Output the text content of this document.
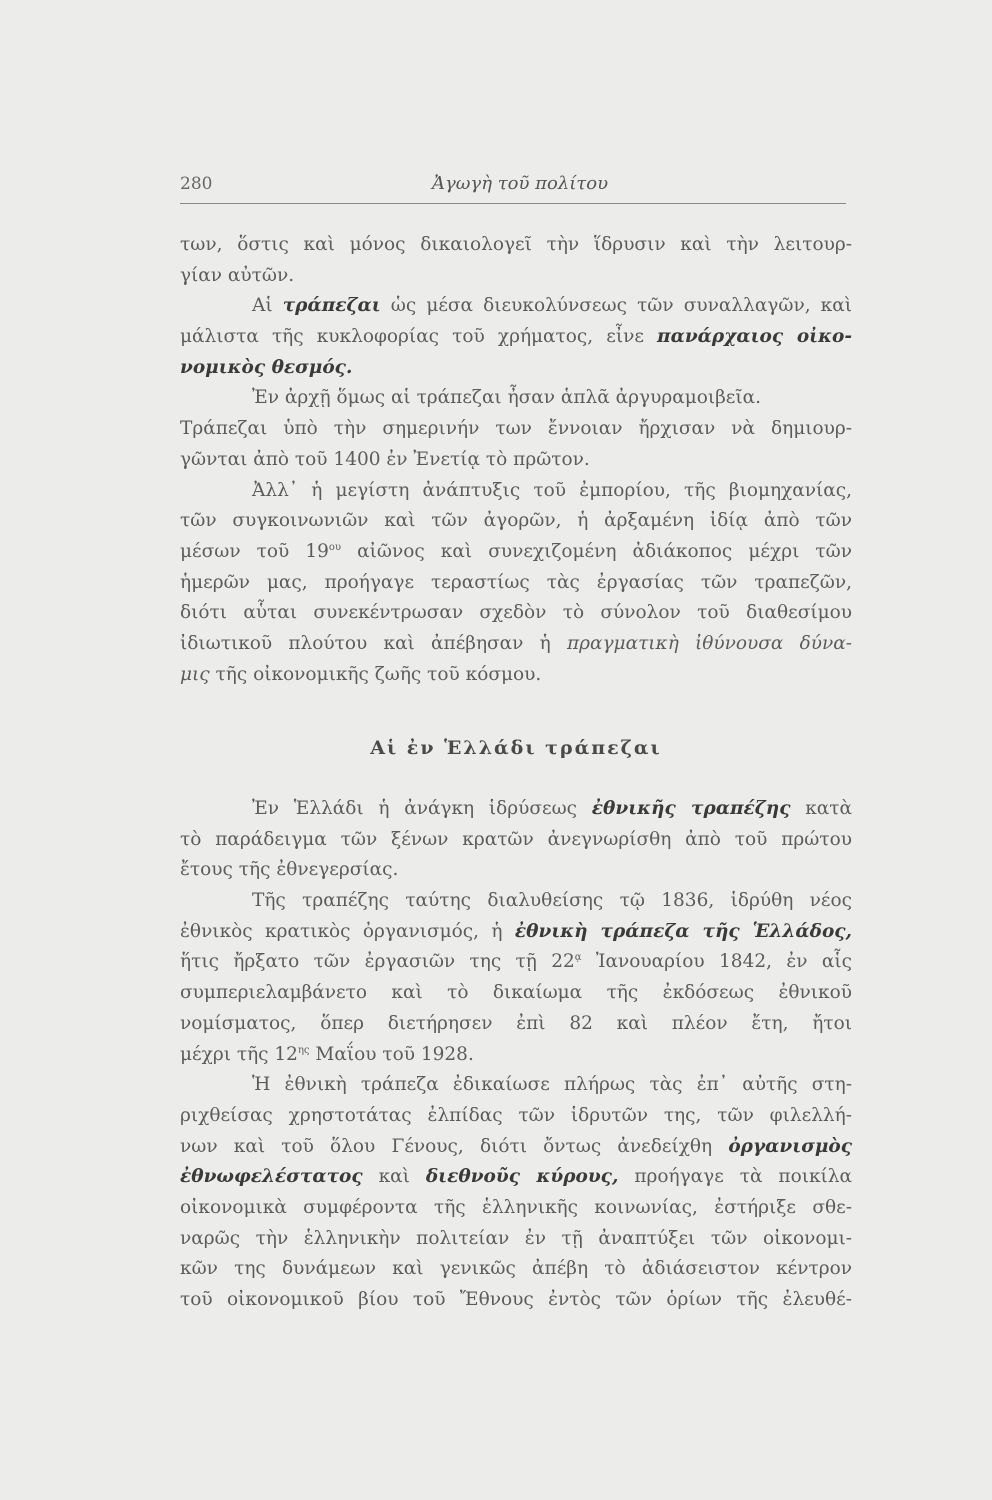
280	Ἀγωγὴ τοῦ πολίτου
των, ὅστις καὶ μόνος δικαιολογεῖ τὴν ἵδρυσιν καὶ τὴν λειτουρ-
γίαν αὐτῶν.
Αἱ τράπεζαι ὡς μέσα διευκολύνσεως τῶν συναλλαγῶν, καὶ
μάλιστα τῆς κυκλοφορίας τοῦ χρήματος, εἶνε πανάρχαιος οἰκο-
νομικὸς θεσμός.
Ἐν ἀρχῇ ὅμως αἱ τράπεζαι ἦσαν ἁπλᾶ ἀργυραμοιβεῖα.
Τράπεζαι ὑπὸ τὴν σημερινήν των ἔννοιαν ἤρχισαν νὰ δημιουρ-
γῶνται ἀπὸ τοῦ 1400 ἐν Ἐνετίᾳ τὸ πρῶτον.
Ἀλλ᾽ ἡ μεγίστη ἀνάπτυξις τοῦ ἐμπορίου, τῆς βιομηχανίας,
τῶν συγκοινωνιῶν καὶ τῶν ἀγορῶν, ἡ ἀρξαμένη ἰδίᾳ ἀπὸ τῶν
μέσων τοῦ $19^{o\upsilon}$ αἰῶνος καὶ συνεχιζομένη ἀδιάκοπος μέχρι τῶν
ἡμερῶν μας, προήγαγε τεραστίως τὰς ἐργασίας τῶν τραπεζῶν,
διότι αὗται συνεκέντρωσαν σχεδὸν τὸ σύνολον τοῦ διαθεσίμου
ἰδιωτικοῦ πλούτου καὶ ἀπέβησαν ἡ πραγματικὴ ἰθύνουσα δύνα-
μις τῆς οἰκονομικῆς ζωῆς τοῦ κόσμου.
Αἱ ἐν Ἑλλάδι τράπεζαι
Ἐν Ἑλλάδι ἡ ἀνάγκη ἱδρύσεως ἐθνικῆς τραπέζης κατὰ
τὸ παράδειγμα τῶν ξένων κρατῶν ἀνεγνωρίσθη ἀπὸ τοῦ πρώτου
ἔτους τῆς ἐθνεγερσίας.
Τῆς τραπέζης ταύτης διαλυθείσης τῷ 1836, ἱδρύθη νέος
ἐθνικὸς κρατικὸς ὀργανισμός, ἡ ἐθνικὴ τράπεζα τῆς Ἑλλάδος,
ἥτις ἤρξατο τῶν ἐργασιῶν της τῇ $22^ᾳ$ Ἰανουαρίου 1842, ἐν αἷς
συμπεριελαμβάνετο καὶ τὸ δικαίωμα τῆς ἐκδόσεως ἐθνικοῦ
νομίσματος, ὅπερ διετήρησεν ἐπὶ 82 καὶ πλέον ἔτη, ἤτοι
μέχρι τῆς $12^{\eta\varsigma}$ Μαΐου τοῦ 1928.
Ἡ ἐθνικὴ τράπεζα ἐδικαίωσε πλήρως τὰς ἐπ᾽ αὐτῆς στη-
ριχθείσας χρηστοτάτας ἐλπίδας τῶν ἱδρυτῶν της, τῶν φιλελλή-
νων καὶ τοῦ ὅλου Γένους, διότι ὄντως ἀνεδείχθη ὀργανισμὸς
ἐθνωφελέστατος καὶ διεθνοῦς κύρους, προήγαγε τὰ ποικίλα
οἰκονομικὰ συμφέροντα τῆς ἑλληνικῆς κοινωνίας, ἐστήριξε σθε-
ναρῶς τὴν ἑλληνικὴν πολιτείαν ἐν τῇ ἀναπτύξει τῶν οἰκονομι-
κῶν της δυνάμεων καὶ γενικῶς ἀπέβη τὸ ἀδιάσειστον κέντρον
τοῦ οἰκονομικοῦ βίου τοῦ Ἔθνους ἐντὸς τῶν ὁρίων τῆς ἐλευθέ-
